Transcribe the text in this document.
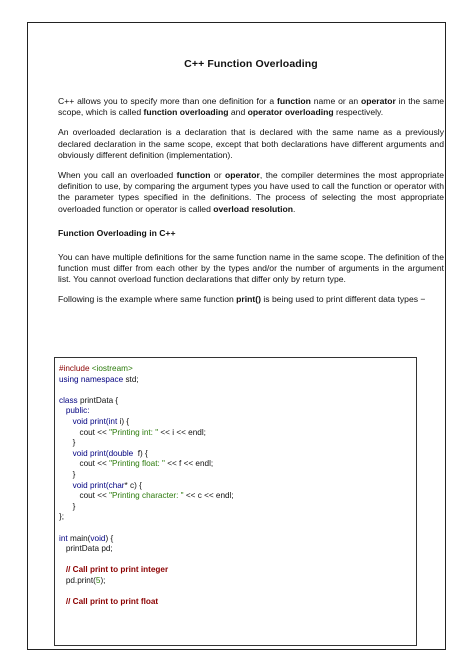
C++ Function Overloading

C++ allows you to specify more than one definition for a function name or an operator in the same scope, which is called function overloading and operator overloading respectively.

An overloaded declaration is a declaration that is declared with the same name as a previously declared declaration in the same scope, except that both declarations have different arguments and obviously different definition (implementation).

When you call an overloaded function or operator, the compiler determines the most appropriate definition to use, by comparing the argument types you have used to call the function or operator with the parameter types specified in the definitions. The process of selecting the most appropriate overloaded function or operator is called overload resolution.

Function Overloading in C++

You can have multiple definitions for the same function name in the same scope. The definition of the function must differ from each other by the types and/or the number of arguments in the argument list. You cannot overload function declarations that differ only by return type.

Following is the example where same function print() is being used to print different data types −

#include <iostream>
using namespace std;
class printData {
public:
void print(int i) {
cout << "Printing int: " << i << endl;
}
void print(double  f) {
cout << "Printing float: " << f << endl;
}
void print(char* c) {
cout << "Printing character: " << c << endl;
}
};
int main(void) {
printData pd;
// Call print to print integer
pd.print(5);
// Call print to print float
